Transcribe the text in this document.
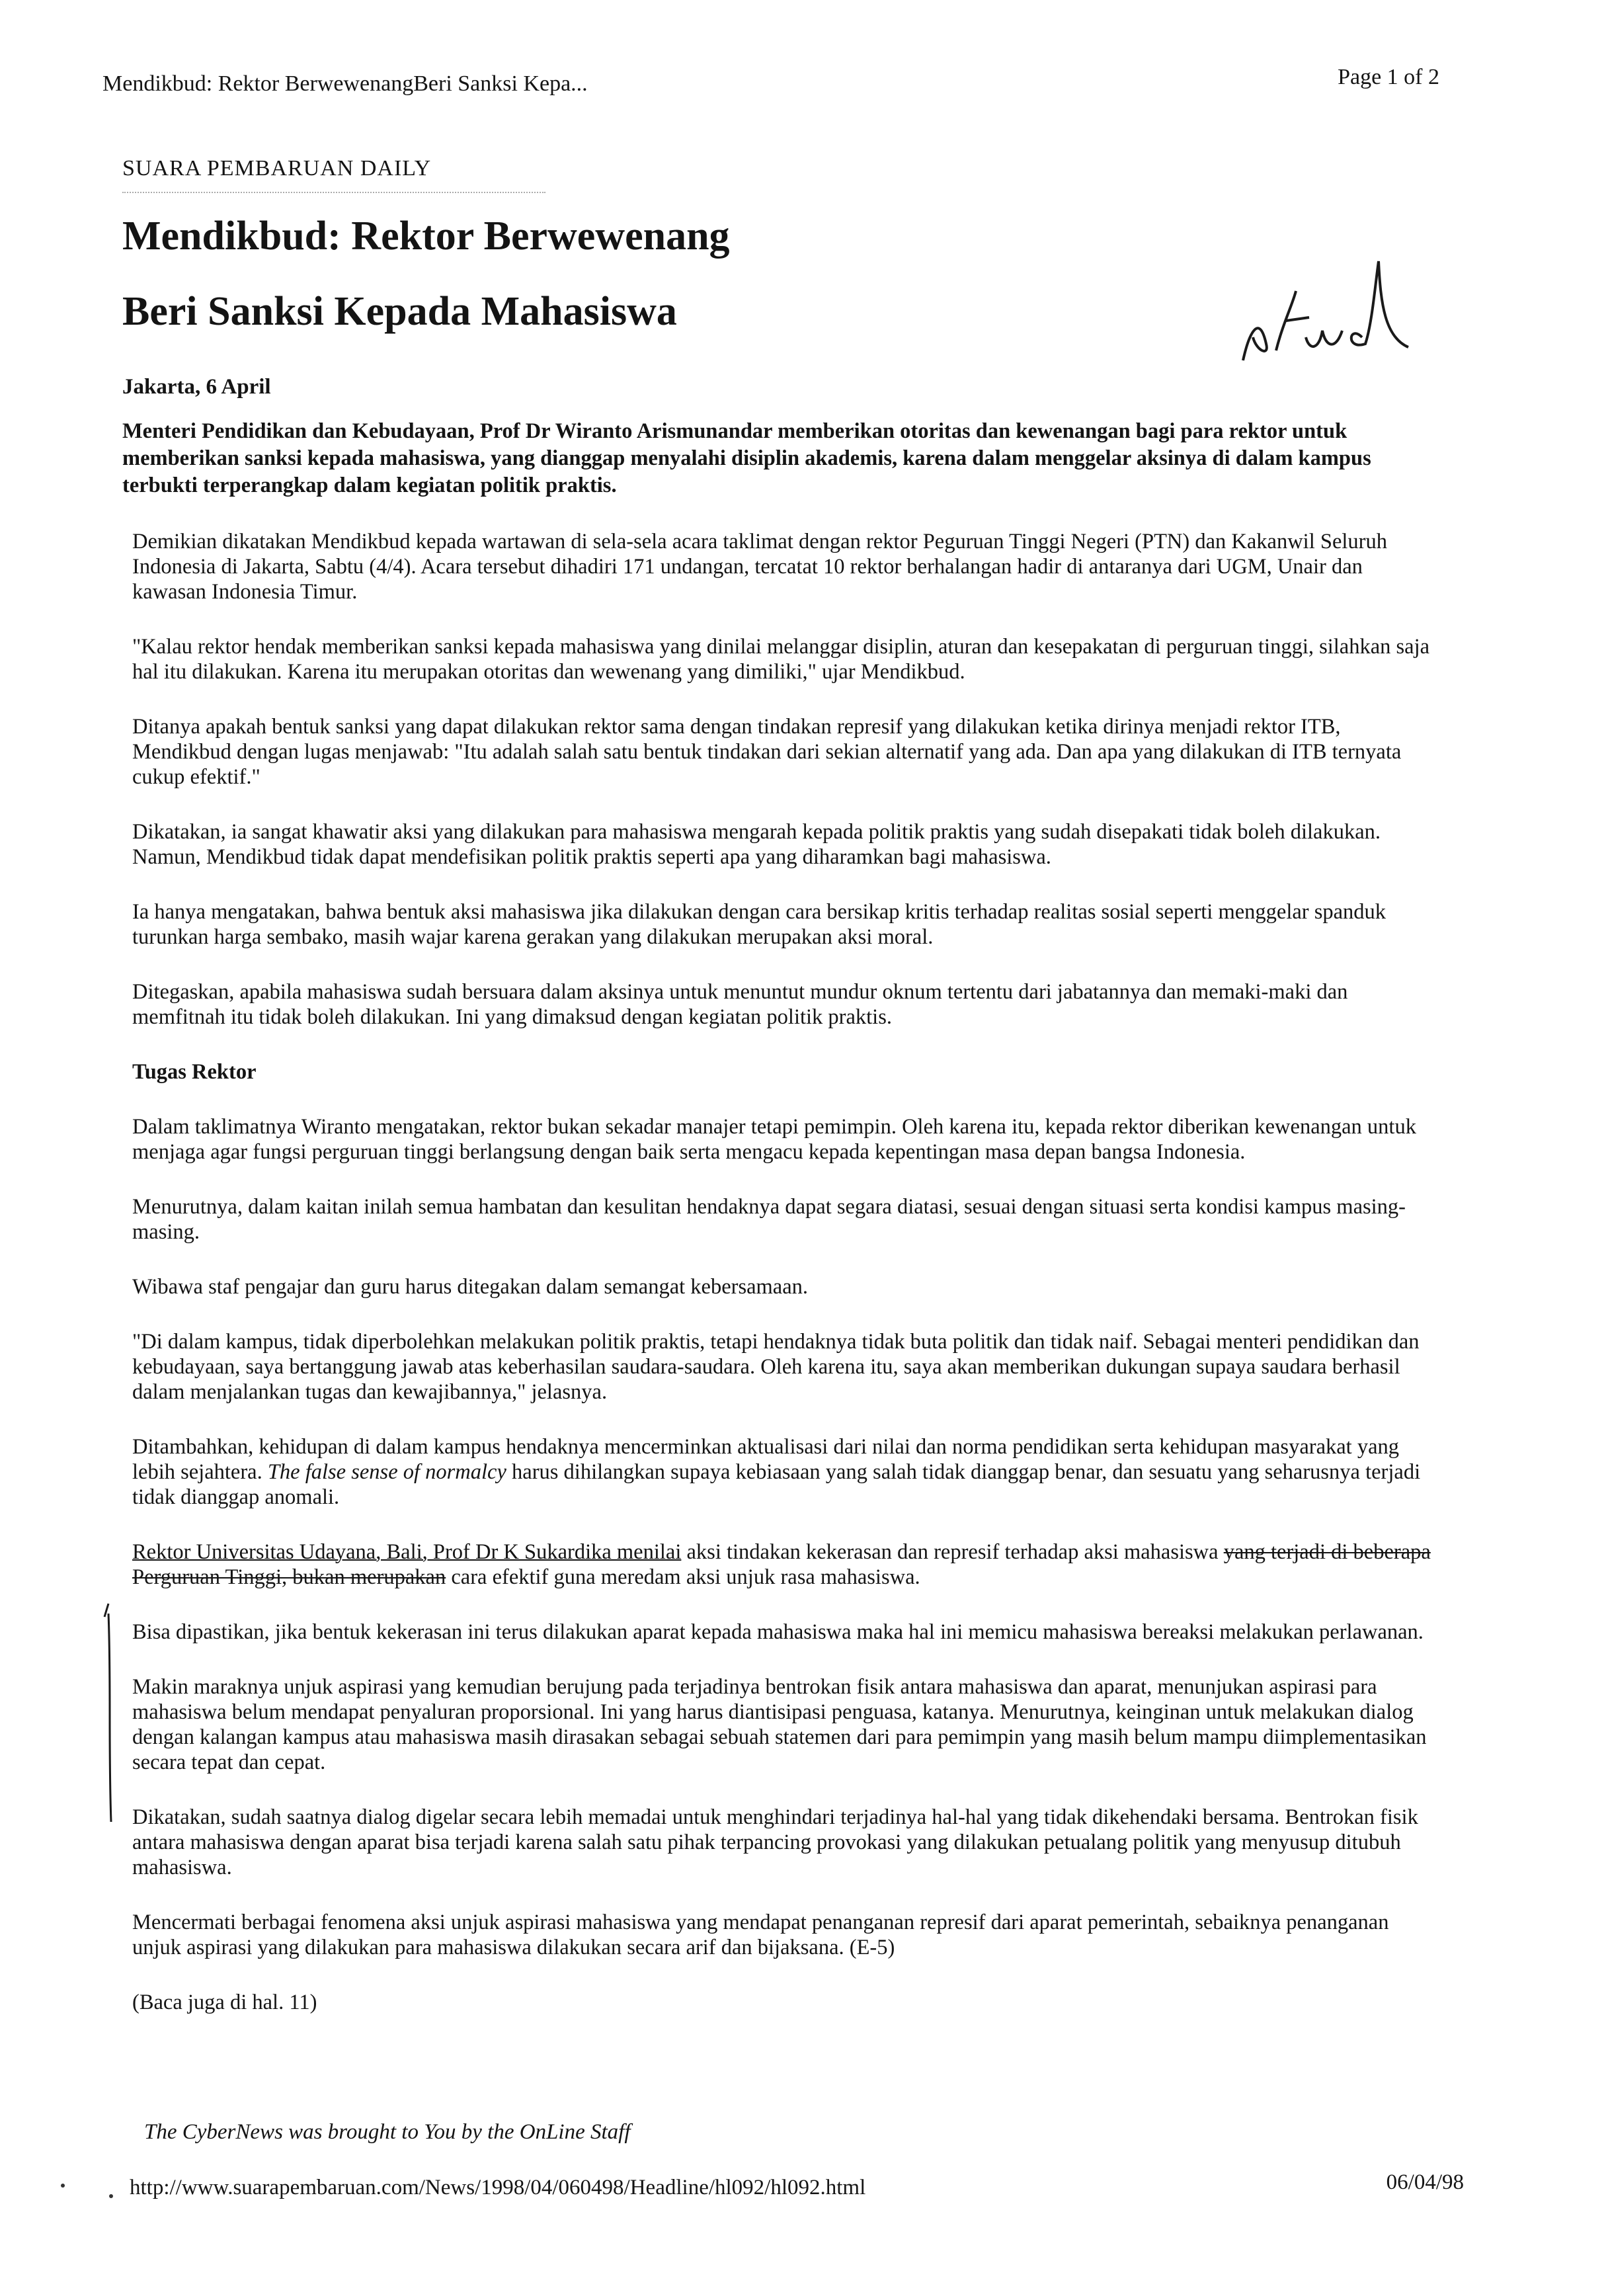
Mendikbud: Rektor BerwewenangBeri Sanksi Kepa...	Page 1 of 2
SUARA PEMBARUAN DAILY
Mendikbud: Rektor Berwewenang
Beri Sanksi Kepada Mahasiswa
Jakarta, 6 April
Menteri Pendidikan dan Kebudayaan, Prof Dr Wiranto Arismunandar memberikan otoritas dan kewenangan bagi para rektor untuk memberikan sanksi kepada mahasiswa, yang dianggap menyalahi disiplin akademis, karena dalam menggelar aksinya di dalam kampus terbukti terperangkap dalam kegiatan politik praktis.

Demikian dikatakan Mendikbud kepada wartawan di sela-sela acara taklimat dengan rektor Peguruan Tinggi Negeri (PTN) dan Kakanwil Seluruh Indonesia di Jakarta, Sabtu (4/4). Acara tersebut dihadiri 171 undangan, tercatat 10 rektor berhalangan hadir di antaranya dari UGM, Unair dan kawasan Indonesia Timur.

"Kalau rektor hendak memberikan sanksi kepada mahasiswa yang dinilai melanggar disiplin, aturan dan kesepakatan di perguruan tinggi, silahkan saja hal itu dilakukan. Karena itu merupakan otoritas dan wewenang yang dimiliki," ujar Mendikbud.

Ditanya apakah bentuk sanksi yang dapat dilakukan rektor sama dengan tindakan represif yang dilakukan ketika dirinya menjadi rektor ITB, Mendikbud dengan lugas menjawab: "Itu adalah salah satu bentuk tindakan dari sekian alternatif yang ada. Dan apa yang dilakukan di ITB ternyata cukup efektif."

Dikatakan, ia sangat khawatir aksi yang dilakukan para mahasiswa mengarah kepada politik praktis yang sudah disepakati tidak boleh dilakukan. Namun, Mendikbud tidak dapat mendefisikan politik praktis seperti apa yang diharamkan bagi mahasiswa.

Ia hanya mengatakan, bahwa bentuk aksi mahasiswa jika dilakukan dengan cara bersikap kritis terhadap realitas sosial seperti menggelar spanduk turunkan harga sembako, masih wajar karena gerakan yang dilakukan merupakan aksi moral.

Ditegaskan, apabila mahasiswa sudah bersuara dalam aksinya untuk menuntut mundur oknum tertentu dari jabatannya dan memaki-maki dan memfitnah itu tidak boleh dilakukan. Ini yang dimaksud dengan kegiatan politik praktis.

Tugas Rektor

Dalam taklimatnya Wiranto mengatakan, rektor bukan sekadar manajer tetapi pemimpin. Oleh karena itu, kepada rektor diberikan kewenangan untuk menjaga agar fungsi perguruan tinggi berlangsung dengan baik serta mengacu kepada kepentingan masa depan bangsa Indonesia.

Menurutnya, dalam kaitan inilah semua hambatan dan kesulitan hendaknya dapat segara diatasi, sesuai dengan situasi serta kondisi kampus masing-masing.

Wibawa staf pengajar dan guru harus ditegakan dalam semangat kebersamaan.

"Di dalam kampus, tidak diperbolehkan melakukan politik praktis, tetapi hendaknya tidak buta politik dan tidak naif. Sebagai menteri pendidikan dan kebudayaan, saya bertanggung jawab atas keberhasilan saudara-saudara. Oleh karena itu, saya akan memberikan dukungan supaya saudara berhasil dalam menjalankan tugas dan kewajibannya," jelasnya.

Ditambahkan, kehidupan di dalam kampus hendaknya mencerminkan aktualisasi dari nilai dan norma pendidikan serta kehidupan masyarakat yang lebih sejahtera. The false sense of normalcy harus dihilangkan supaya kebiasaan yang salah tidak dianggap benar, dan sesuatu yang seharusnya terjadi tidak dianggap anomali.

Rektor Universitas Udayana, Bali, Prof Dr K Sukardika menilai aksi tindakan kekerasan dan represif terhadap aksi mahasiswa yang terjadi di beberapa Perguruan Tinggi, bukan merupakan cara efektif guna meredam aksi unjuk rasa mahasiswa.

Bisa dipastikan, jika bentuk kekerasan ini terus dilakukan aparat kepada mahasiswa maka hal ini memicu mahasiswa bereaksi melakukan perlawanan.

Makin maraknya unjuk aspirasi yang kemudian berujung pada terjadinya bentrokan fisik antara mahasiswa dan aparat, menunjukan aspirasi para mahasiswa belum mendapat penyaluran proporsional. Ini yang harus diantisipasi penguasa, katanya. Menurutnya, keinginan untuk melakukan dialog dengan kalangan kampus atau mahasiswa masih dirasakan sebagai sebuah statemen dari para pemimpin yang masih belum mampu diimplementasikan secara tepat dan cepat.

Dikatakan, sudah saatnya dialog digelar secara lebih memadai untuk menghindari terjadinya hal-hal yang tidak dikehendaki bersama. Bentrokan fisik antara mahasiswa dengan aparat bisa terjadi karena salah satu pihak terpancing provokasi yang dilakukan petualang politik yang menyusup ditubuh mahasiswa.

Mencermati berbagai fenomena aksi unjuk aspirasi mahasiswa yang mendapat penanganan represif dari aparat pemerintah, sebaiknya penanganan unjuk aspirasi yang dilakukan para mahasiswa dilakukan secara arif dan bijaksana. (E-5)

(Baca juga di hal. 11)

The CyberNews was brought to You by the OnLine Staff
http://www.suarapembaruan.com/News/1998/04/060498/Headline/hl092/hl092.html	06/04/98
